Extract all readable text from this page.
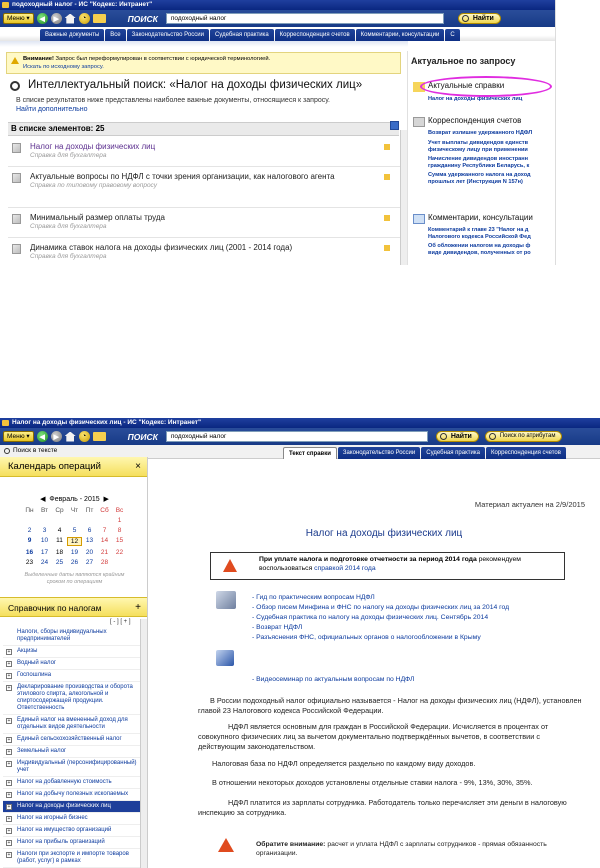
подоходный налог - ИС "Кодекс: Интранет"
Меню ▾	◀	▶	◔	ПОИСК	подоходный налог	Найти
Важные документы	Все	Законодательство России	Судебная практика	Корреспонденция счетов	Комментарии, консультации	С
Внимание! Запрос был переформулирован в соответствии с юридической терминологией.
Искать по исходному запросу.
Интеллектуальный поиск: «Налог на доходы физических лиц»
В списке результатов ниже представлены наиболее важные документы, относящиеся к запросу.
Найти дополнительно
В списке элементов: 25
Налог на доходы физических лиц
Справка для бухгалтера
Актуальные вопросы по НДФЛ с точки зрения организации, как налогового агента
Справка по типовому правовому вопросу
Минимальный размер оплаты труда
Справка для бухгалтера
Динамика ставок налога на доходы физических лиц (2001 - 2014 года)
Справка для бухгалтера
Актуальное по запросу
Актуальные справки
Налог на доходы физических лиц
Корреспонденция счетов
Возврат излишне удержанного НДФЛ
Учет выплаты дивидендов единств
физическому лицу при применении
Начисление дивидендов иностранн
гражданину Республики Беларусь, к
Сумма удержанного налога на доход
прошлых лет (Инструкция N 157н)
Комментарии, консультации
Комментарий к главе 23 "Налог на д
Налогового кодекса Российской Фед
Об обложении налогом на доходы ф
виде дивидендов, полученных от ро
Налог на доходы физических лиц - ИС "Кодекс: Интранет"
Меню ▾	◀	▶	◔	ПОИСК	подоходный налог	Найти	Поиск по атрибутам
Поиск в тексте	Текст справки	Законодательство России	Судебная практика	Корреспонденция счетов
Календарь операций	×
◀ Февраль - 2015 ▶
Пн	Вт	Ср	Чт	Пт	Сб	Вс
.	.	.	.	.	.	1
2	3	4	5	6	7	8
9	10	11	12	13	14	15
16	17	18	19	20	21	22
23	24	25	26	27	28
Выделенные даты являются крайним сроком по операциям
Справочник по налогам	+
[ - ] [ + ]
Налоги, сборы индивидуальных предпринимателей
+ Акцизы
+ Водный налог
+ Госпошлина
+ Декларирование производства и оборота этилового спирта, алкогольной и спиртосодержащей продукции. Ответственность
+ Единый налог на вмененный доход для отдельных видов деятельности
+ Единый сельскохозяйственный налог
+ Земельный налог
+ Индивидуальный (персонифицированный) учет
+ Налог на добавленную стоимость
+ Налог на добычу полезных ископаемых
+ Налог на доходы физических лиц
+ Налог на игорный бизнес
+ Налог на имущество организаций
+ Налог на прибыль организаций
+ Налоги при экспорте и импорте товаров (работ, услуг) в рамках
Материал актуален на 2/9/2015
Налог на доходы физических лиц
При уплате налога и подготовке отчетности за период 2014 года рекомендуем воспользоваться справкой 2014 года
- Гид по практическим вопросам НДФЛ
- Обзор писем Минфина и ФНС по налогу на доходы физических лиц за 2014 год
- Судебная практика по налогу на доходы физических лиц. Сентябрь 2014
- Возврат НДФЛ
- Разъяснения ФНС, официальных органов о налогообложении в Крыму
- Видеосеминар по актуальным вопросам по НДФЛ
В России подоходный налог официально называется - Налог на доходы физических лиц (НДФЛ), установлен главой 23 Налогового кодекса Российской Федерации.
НДФЛ является основным для граждан в Российской Федерации. Исчисляется в процентах от совокупного физических лиц за вычетом документально подтверждённых вычетов, в соответствии с действующим законодательством.
Налоговая база по НДФЛ определяется раздельно по каждому виду доходов.
В отношении некоторых доходов установлены отдельные ставки налога - 9%, 13%, 30%, 35%.
НДФЛ платится из зарплаты сотрудника. Работодатель только перечисляет эти деньги в налоговую инспекцию за сотрудника.
Обратите внимание: расчет и уплата НДФЛ с зарплаты сотрудников - прямая обязанность организации.
